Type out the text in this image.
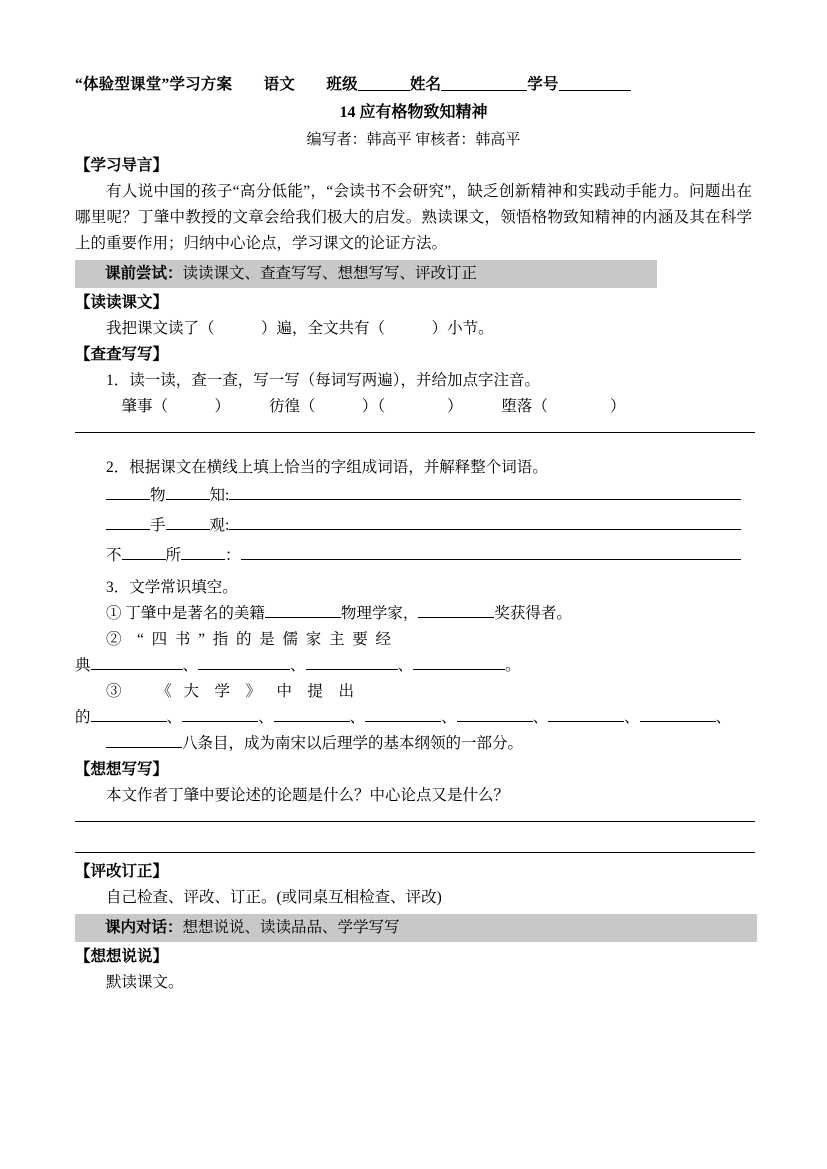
“体验型课堂”学习方案　　 语文　　 班级	姓名	学号
14 应有格物致知精神
编写者：韩高平 审核者：韩高平
【学习导言】
有人说中国的孩子“高分低能”，“会读书不会研究”，缺乏创新精神和实践动手能力。问题出在哪里呢？丁肇中教授的文章会给我们极大的启发。熟读课文，领悟格物致知精神的内涵及其在科学上的重要作用；归纳中心论点，学习课文的论证方法。
课前尝试：读读课文、查查写写、想想写写、评改订正
【读读课文】
我把课文读了（　　　	）遍，全文共有（　　　	）小节。
【查查写写】
1．读一读，查一查，写一写（每词写两遍），并给加点字注音。
肇事（　　　	）　　　	彷徨（　　　	）（　　　　	）　　　	堕落（　　　　	）
2．根据课文在横线上填上恰当的字组成词语，并解释整个词语。
物	知:
手	观:
不	所	：
3．文学常识填空。
① 丁肇中是著名的美籍	物理学家，	奖获得者。
②    “  四  书  ”  指  的  是  儒  家  主  要  经
典	、	、	、	。
③         《   大    学    》    中    提    出
的	、	、	、	、	、	、	、
八条目，成为南宋以后理学的基本纲领的一部分。
【想想写写】
本文作者丁肇中要论述的论题是什么？中心论点又是什么？
【评改订正】
自己检查、评改、订正。(或同桌互相检查、评改)
课内对话：想想说说、读读品品、学学写写
【想想说说】
默读课文。
